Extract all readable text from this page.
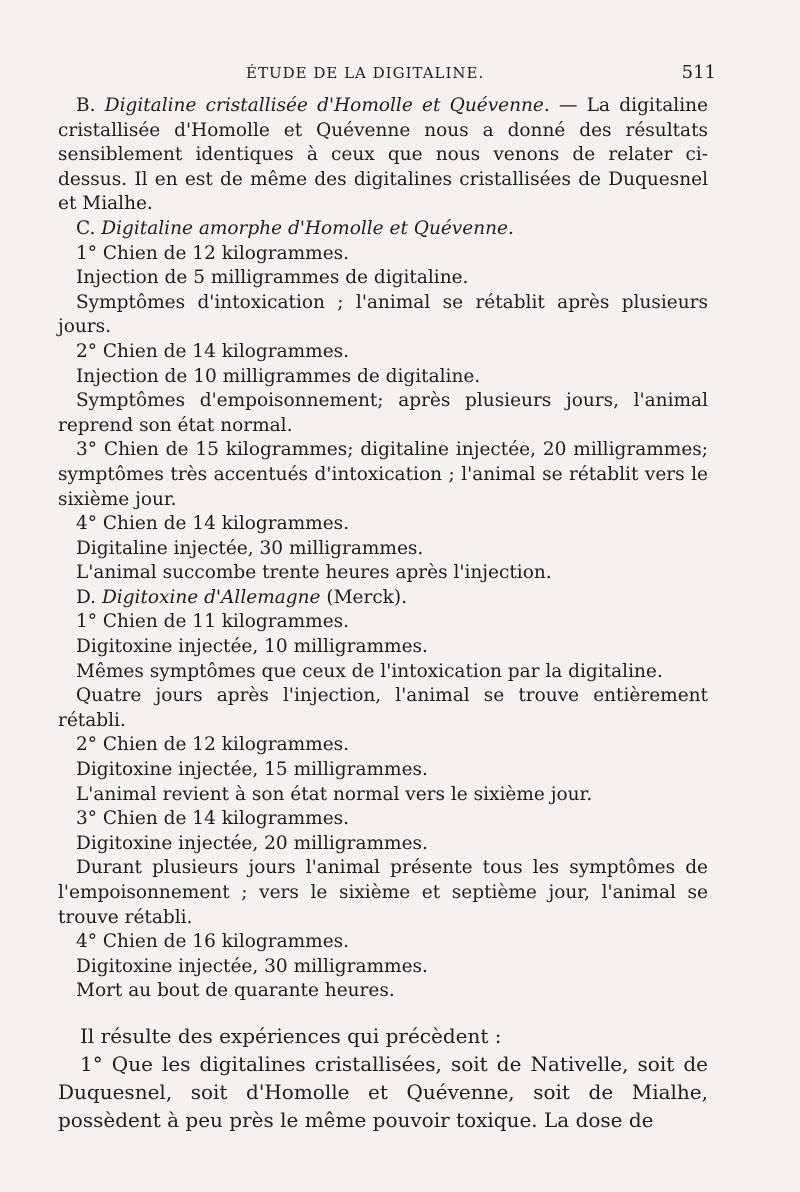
ÉTUDE DE LA DIGITALINE.	511

B. Digitaline cristallisée d'Homolle et Quévenne. — La digitaline cristallisée d'Homolle et Quévenne nous a donné des résultats sensiblement identiques à ceux que nous venons de relater ci-dessus. Il en est de même des digitalines cristallisées de Duquesnel et Mialhe.

C. Digitaline amorphe d'Homolle et Quévenne.

1° Chien de 12 kilogrammes.

Injection de 5 milligrammes de digitaline.

Symptômes d'intoxication ; l'animal se rétablit après plusieurs jours.

2° Chien de 14 kilogrammes.

Injection de 10 milligrammes de digitaline.

Symptômes d'empoisonnement; après plusieurs jours, l'animal reprend son état normal.

3° Chien de 15 kilogrammes; digitaline injectée, 20 milligrammes; symptômes très accentués d'intoxication ; l'animal se rétablit vers le sixième jour.

4° Chien de 14 kilogrammes.

Digitaline injectée, 30 milligrammes.

L'animal succombe trente heures après l'injection.

D. Digitoxine d'Allemagne (Merck).

1° Chien de 11 kilogrammes.

Digitoxine injectée, 10 milligrammes.

Mêmes symptômes que ceux de l'intoxication par la digitaline.

Quatre jours après l'injection, l'animal se trouve entièrement rétabli.

2° Chien de 12 kilogrammes.

Digitoxine injectée, 15 milligrammes.

L'animal revient à son état normal vers le sixième jour.

3° Chien de 14 kilogrammes.

Digitoxine injectée, 20 milligrammes.

Durant plusieurs jours l'animal présente tous les symptômes de l'empoisonnement ; vers le sixième et septième jour, l'animal se trouve rétabli.

4° Chien de 16 kilogrammes.

Digitoxine injectée, 30 milligrammes.

Mort au bout de quarante heures.

Il résulte des expériences qui précèdent :

1° Que les digitalines cristallisées, soit de Nativelle, soit de Duquesnel, soit d'Homolle et Quévenne, soit de Mialhe, possèdent à peu près le même pouvoir toxique. La dose de
